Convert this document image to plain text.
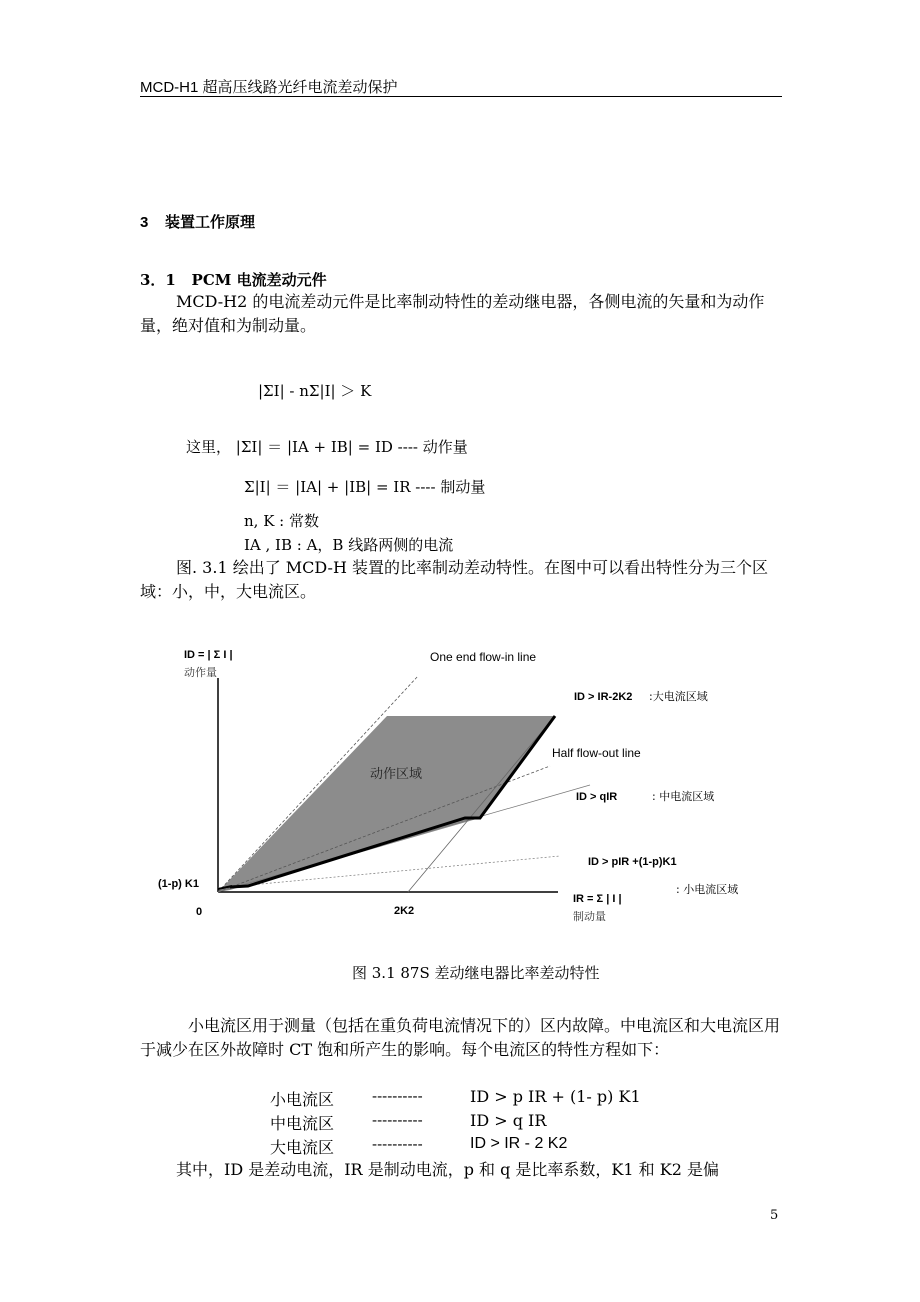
MCD-H1 超高压线路光纤电流差动保护
3 装置工作原理
3．1 PCM 电流差动元件
MCD-H2 的电流差动元件是比率制动特性的差动继电器，各侧电流的矢量和为动作量，绝对值和为制动量。
|ΣI| - nΣ|I| ＞ K
这里， |ΣI| ＝ |IA + IB| = ID ---- 动作量
Σ|I| ＝ |IA| + |IB| = IR ---- 制动量
n, K : 常数
IA , IB : A，B 线路两侧的电流
图. 3.1 绘出了 MCD-H 装置的比率制动差动特性。在图中可以看出特性分为三个区域：小，中，大电流区。
ID = | Σ I |
动作量
(1-p) K1
0	2K2
IR = Σ | I |
制动量
动作区域
One end flow-in line
Half flow-out line
ID > IR-2K2 :大电流区域
ID > qIR	: 中电流区域
ID > pIR +(1-p)K1
: 小电流区域
图 3.1 87S 差动继电器比率差动特性
小电流区用于测量（包括在重负荷电流情况下的）区内故障。中电流区和大电流区用于减少在区外故障时 CT 饱和所产生的影响。每个电流区的特性方程如下：
小电流区	----------	ID > p IR + (1- p) K1
中电流区	----------	ID > q IR
大电流区	----------	ID > IR - 2 K2
其中，ID 是差动电流，IR 是制动电流，p 和 q 是比率系数，K1 和 K2 是偏
5
